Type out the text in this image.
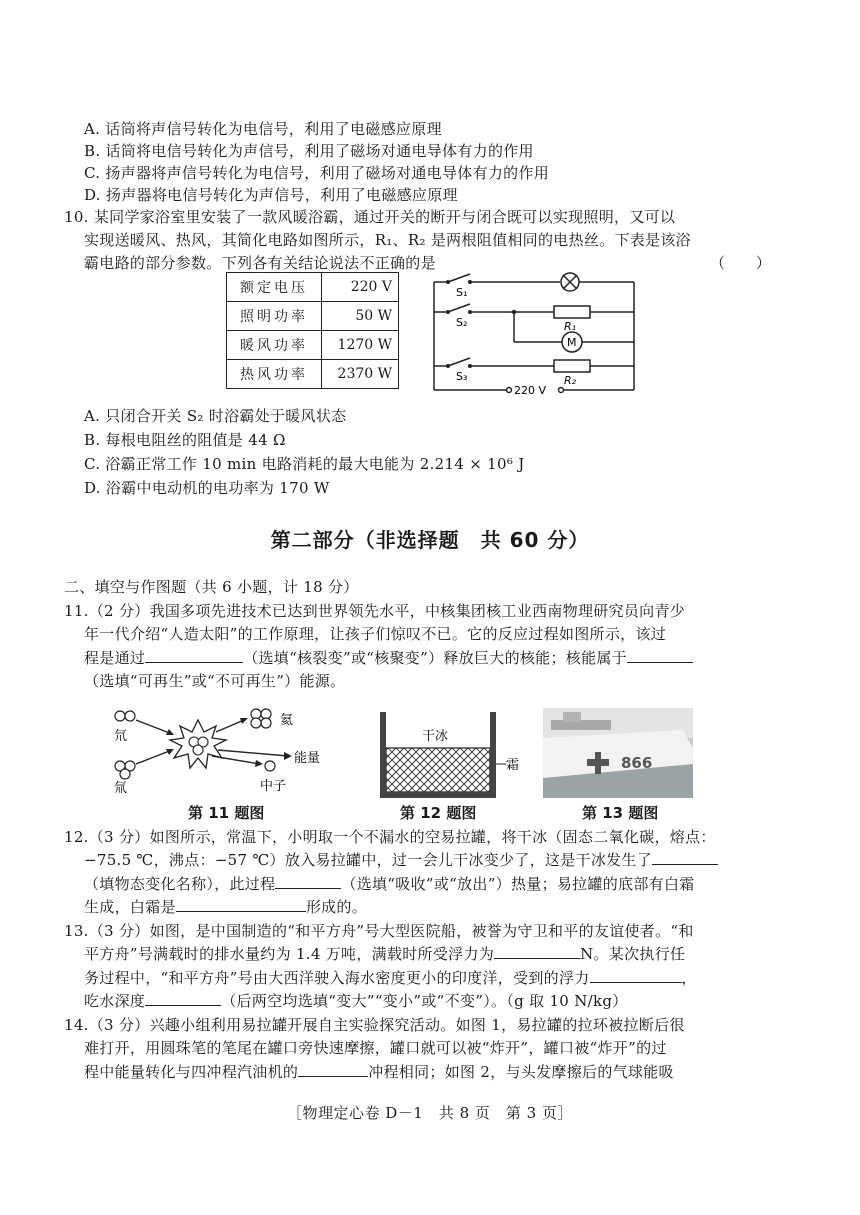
A. 话筒将声信号转化为电信号，利用了电磁感应原理
B. 话筒将电信号转化为声信号，利用了磁场对通电导体有力的作用
C. 扬声器将声信号转化为电信号，利用了磁场对通电导体有力的作用
D. 扬声器将电信号转化为声信号，利用了电磁感应原理
10. 某同学家浴室里安装了一款风暖浴霸，通过开关的断开与闭合既可以实现照明，又可以
实现送暖风、热风，其简化电路如图所示，R₁、R₂ 是两根阻值相同的电热丝。下表是该浴
霸电路的部分参数。下列各有关结论说法不正确的是	（　　）
额定电压	220 V
照明功率	50 W
暖风功率	1270 W
热风功率	2370 W
S₁
S₂
S₃
R₁
R₂
M
220 V
A. 只闭合开关 S₂ 时浴霸处于暖风状态
B. 每根电阻丝的阻值是 44 Ω
C. 浴霸正常工作 10 min 电路消耗的最大电能为 2.214 × 10⁶ J
D. 浴霸中电动机的电功率为 170 W
第二部分（非选择题　共 60 分）
二、填空与作图题（共 6 小题，计 18 分）
11.（2 分）我国多项先进技术已达到世界领先水平，中核集团核工业西南物理研究员向青少
年一代介绍“人造太阳”的工作原理，让孩子们惊叹不已。它的反应过程如图所示，该过
程是通过	（选填“核裂变”或“核聚变”）释放巨大的核能；核能属于
（选填“可再生”或“不可再生”）能源。
氘
氚
氦
能量
中子
干冰
霜	866
第 11 题图	第 12 题图	第 13 题图
12.（3 分）如图所示，常温下，小明取一个不漏水的空易拉罐，将干冰（固态二氧化碳，熔点：
−75.5 ℃，沸点：−57 ℃）放入易拉罐中，过一会儿干冰变少了，这是干冰发生了
（填物态变化名称），此过程	（选填“吸收”或“放出”）热量；易拉罐的底部有白霜
生成，白霜是	形成的。
13.（3 分）如图，是中国制造的“和平方舟”号大型医院船，被誉为守卫和平的友谊使者。“和
平方舟”号满载时的排水量约为 1.4 万吨，满载时所受浮力为	N。某次执行任
务过程中，“和平方舟”号由大西洋驶入海水密度更小的印度洋，受到的浮力	，
吃水深度	（后两空均选填“变大”“变小”或“不变”）。（g 取 10 N/kg）
14.（3 分）兴趣小组利用易拉罐开展自主实验探究活动。如图 1，易拉罐的拉环被拉断后很
难打开，用圆珠笔的笔尾在罐口旁快速摩擦，罐口就可以被“炸开”，罐口被“炸开”的过
程中能量转化与四冲程汽油机的	冲程相同；如图 2，与头发摩擦后的气球能吸
［物理定心卷 D－1　共 8 页　第 3 页］
